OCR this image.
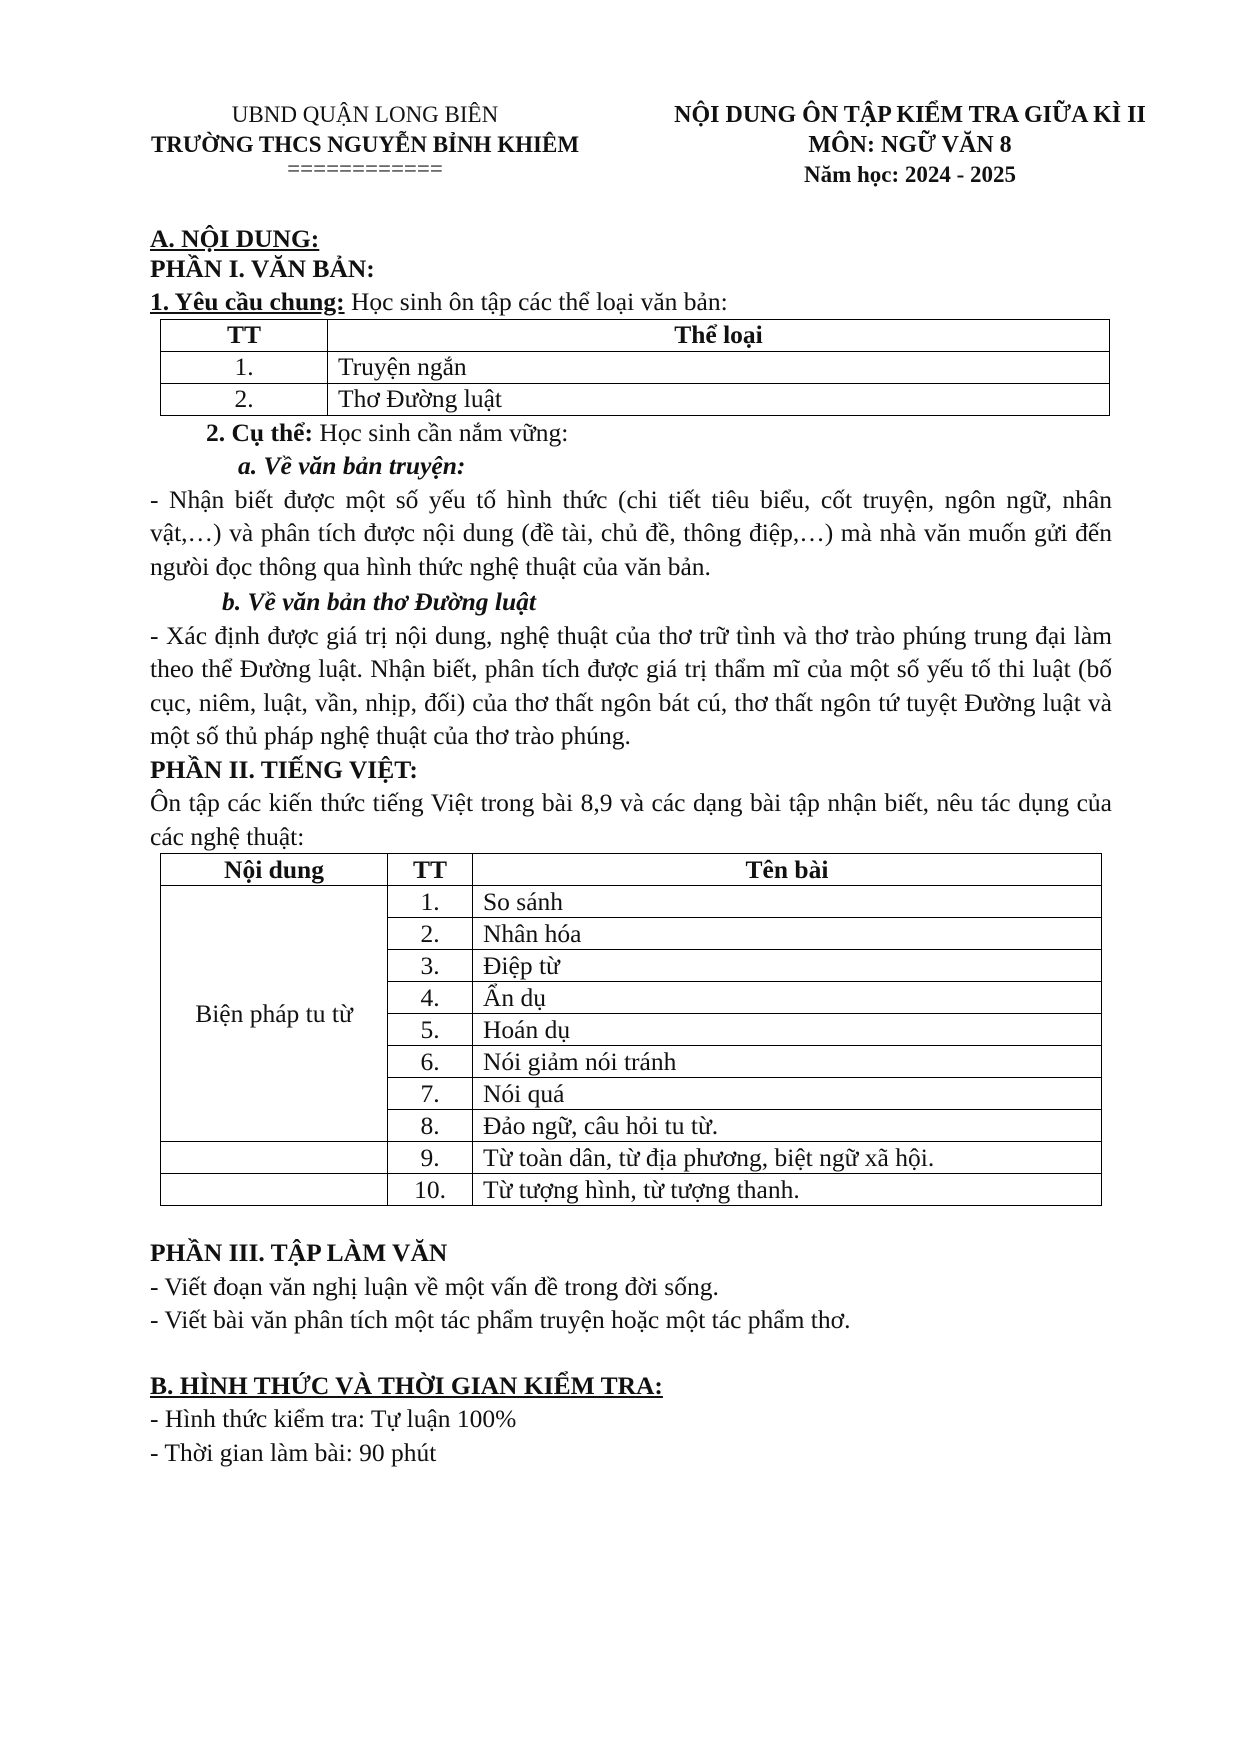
UBND QUẬN LONG BIÊN
TRƯỜNG THCS NGUYỄN BỈNH KHIÊM
============
NỘI DUNG ÔN TẬP KIỂM TRA GIỮA KÌ II
MÔN: NGỮ VĂN 8
Năm học: 2024 - 2025
A. NỘI DUNG:
PHẦN I. VĂN BẢN:
1. Yêu cầu chung: Học sinh ôn tập các thể loại văn bản:
TT	Thể loại
1.	Truyện ngắn
2.	Thơ Đường luật
2. Cụ thể: Học sinh cần nắm vững:
a. Về văn bản truyện:
- Nhận biết được một số yếu tố hình thức (chi tiết tiêu biểu, cốt truyện, ngôn ngữ, nhân vật,…) và phân tích được nội dung (đề tài, chủ đề, thông điệp,…) mà nhà văn muốn gửi đến ngưòi đọc thông qua hình thức nghệ thuật của văn bản.
b. Về văn bản thơ Đường luật
- Xác định được giá trị nội dung, nghệ thuật của thơ trữ tình và thơ trào phúng trung đại làm theo thể Đường luật. Nhận biết, phân tích được giá trị thẩm mĩ của một số yếu tố thi luật (bố cục, niêm, luật, vần, nhịp, đối) của thơ thất ngôn bát cú, thơ thất ngôn tứ tuyệt Đường luật và một số thủ pháp nghệ thuật của thơ trào phúng.
PHẦN II. TIẾNG VIỆT:
Ôn tập các kiến thức tiếng Việt trong bài 8,9 và các dạng bài tập nhận biết, nêu tác dụng của các nghệ thuật:
Nội dung	TT	Tên bài
Biện pháp tu từ	1.	So sánh
	2.	Nhân hóa
	3.	Điệp từ
	4.	Ẩn dụ
	5.	Hoán dụ
	6.	Nói giảm nói tránh
	7.	Nói quá
	8.	Đảo ngữ, câu hỏi tu từ.
	9.	Từ toàn dân, từ địa phương, biệt ngữ xã hội.
	10.	Từ tượng hình, từ tượng thanh.
PHẦN III. TẬP LÀM VĂN
- Viết đoạn văn nghị luận về một vấn đề trong đời sống.
- Viết bài văn phân tích một tác phẩm truyện hoặc một tác phẩm thơ.
B. HÌNH THỨC VÀ THỜI GIAN KIỂM TRA:
- Hình thức kiểm tra: Tự luận 100%
- Thời gian làm bài: 90 phút
